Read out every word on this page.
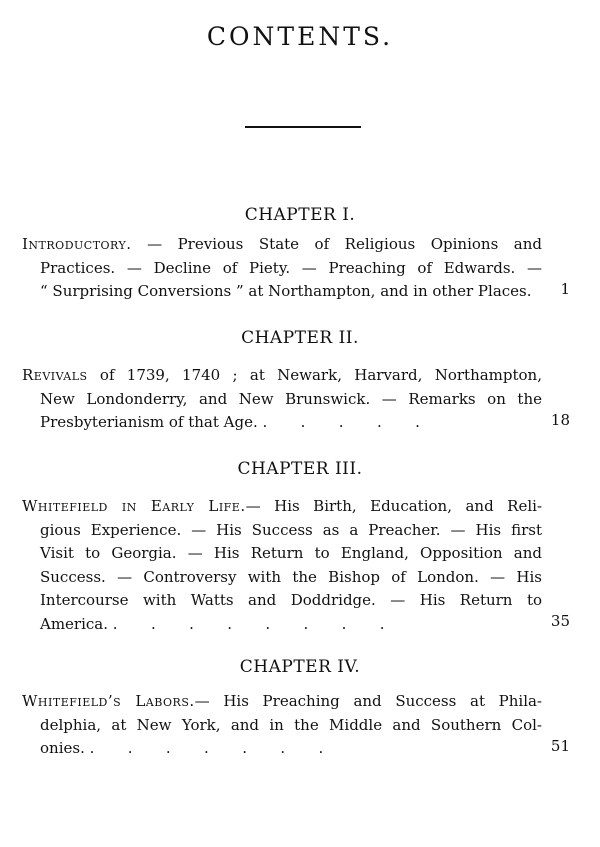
CONTENTS.
CHAPTER I.
Introductory. — Previous State of Religious Opinions and
Practices. — Decline of Piety. — Preaching of Edwards. —
“ Surprising Conversions ” at Northampton, and in other Places.	1
CHAPTER II.
Revivals of 1739, 1740 ; at Newark, Harvard, Northampton,
New Londonderry, and New Brunswick. — Remarks on the
Presbyterianism of that Age. .       .       .       .       .	18
CHAPTER III.
Whitefield in Early Life.— His Birth, Education, and Reli-
gious Experience. — His Success as a Preacher. — His first
Visit to Georgia. — His Return to England, Opposition and
Success. — Controversy with the Bishop of London. — His
Intercourse with Watts and Doddridge. — His Return to
America. .       .       .       .       .       .       .       .	35
CHAPTER IV.
Whitefield’s Labors.— His Preaching and Success at Phila-
delphia, at New York, and in the Middle and Southern Col-
onies. .       .       .       .       .       .       .	51
